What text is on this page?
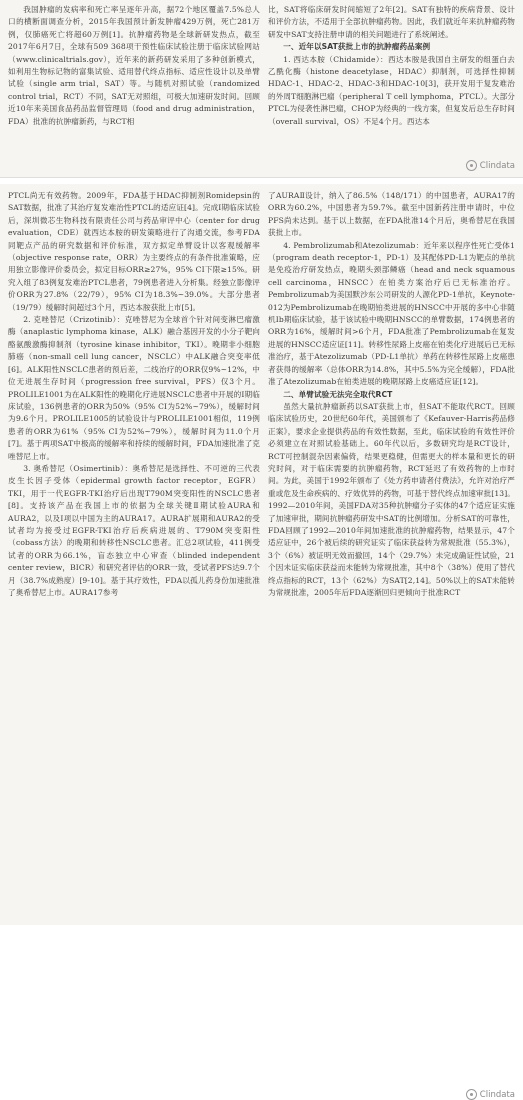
我国肿瘤的发病率和死亡率呈逐年升高，据72个地区覆盖7.5%总人口的横断面调查分析，2015年我国预计新发肿瘤429万例，死亡281万例，仅肺癌死亡将超60万例[1]。抗肿瘤药物是全球新研发热点，截至2017年6月7日，全球有509 368项干预性临床试验注册于临床试验网站（www.clinicaltrials.gov），近年来的新药研发采用了多种创新模式，如利用生物标记物的富集试验、适用替代终点指标、适应性设计以及单臂试验（single arm trial，SAT）等。与随机对照试验（randomized control trial，RCT）不同，SAT无对照组，可极大加速研发时间。回顾近10年来美国食品药品监督管理局（food and drug administration，FDA）批准的抗肿瘤新药，与RCT相

比，SAT将临床研发时间缩短了2年[2]。SAT有独特的疾病背景、设计和评价方法，不适用于全部抗肿瘤药物。因此，我们就近年来抗肿瘤药物研发中SAT支持注册申请的相关问题进行了系统阐述。

一、近年以SAT获批上市的抗肿瘤药品案例

1. 西达本胺（Chidamide）：西达本胺是我国自主研发的组蛋白去乙酰化酶（histone deacetylase，HDAC）抑制剂，可选择性抑制HDAC-1、HDAC-2、HDAC-3和HDAC-10[3]，获开发用于复发难治的外周T细胞淋巴瘤（peripheral T cell lymphoma，PTCL）。大部分PTCL为侵袭性淋巴瘤，CHOP为经典的一线方案，但复发后总生存时间（overall survival，OS）不足4个月。西达本

Clindata

PTCL尚无有效药物。2009年，FDA基于HDAC抑制剂Romidepsin的SAT数据，批准了其治疗复发难治性PTCL的适应证[4]。完成Ⅰ期临床试验后，深圳微芯生物科技有限责任公司与药品审评中心（center for drug evaluation，CDE）就西达本胺的研发策略进行了沟通交流，参考FDA同靶点产品的研究数据和评价标准，双方拟定单臂设计以客观缓解率（objective response rate，ORR）为主要终点的有条件批准策略，应用独立影像评价委员会，拟定目标ORR≥27%，95% CI下限≥15%。研究入组了83例复发难治PTCL患者，79例患者进入分析集。经独立影像评价ORR为27.8%（22/79），95% CI为18.3%~39.0%。大部分患者（19/79）缓解时间超过3个月，西达本胺获批上市[5]。

2. 克唑替尼（Crizotinib）：克唑替尼为全球首个针对间变淋巴瘤激酶（anaplastic lymphoma kinase，ALK）融合基因开发的小分子靶向酪氨酸激酶抑制剂（tyrosine kinase inhibitor，TKI）。晚期非小细胞肺癌（non-small cell lung cancer，NSCLC）中ALK融合突变率低[6]。ALK阳性NSCLC患者的预后差，二线治疗的ORR仅9%~12%，中位无进展生存时间（progression free survival，PFS）仅3个月。PROLILE1001为在ALK阳性的晚期化疗进展NSCLC患者中开展的Ⅰ期临床试验，136例患者的ORR为50%（95% CI为52%~79%），缓解时间为9.6个月。PROLILE1005的试验设计与PROLILE1001相似，119例患者的ORR为61%（95% CI为52%~79%），缓解时间为11.0个月[7]。基于两项SAT中极高的缓解率和持续的缓解时间，FDA加速批准了克唑替尼上市。

3. 奥希替尼（Osimertinib）：奥希替尼是选择性、不可逆的三代表皮生长因子受体（epidermal growth factor receptor，EGFR）TKI，用于一代EGFR-TKI治疗后出现T790M突变阳性的NSCLC患者[8]。支持该产品在我国上市的依据为全球关键Ⅱ期试验AURA和AURA2，以及Ⅰ项以中国为主的AURA17。AURA扩展期和AURA2的受试者均为接受过EGFR-TKI治疗后疾病进展的、T790M突变阳性（cobass方法）的晚期和转移性NSCLC患者。汇总2项试验，411例受试者的ORR为66.1%，盲态独立中心审查（blinded independent center review，BICR）和研究者评估的ORR一致，受试者PFS达9.7个月（38.7%成熟度）[9-10]。基于其疗效性，FDA以孤儿药身份加速批准了奥希替尼上市。AURA17参考

了AURAⅡ设计，纳入了86.5%（148/171）的中国患者，AURA17的ORR为60.2%，中国患者为59.7%。截至中国新药注册申请时，中位PFS尚未达到。基于以上数据，在FDA批准14个月后，奥希替尼在我国获批上市。

4. Pembrolizumab和Atezolizumab：近年来以程序性死亡受体1（program death receptor-1，PD-1）及其配体PD-L1为靶点的单抗是免疫治疗研发热点，晚期头颈部鳞癌（head and neck squamous cell carcinoma，HNSCC）在铂类方案治疗后已无标准治疗。Pembrolizumab为美国默沙东公司研发的人源化PD-1单抗，Keynote-012为Pembrolizumab在晚期铂类进展的HNSCC中开展的多中心非随机Ⅰb期临床试验，基于该试验中晚期HNSCC的单臂数据，174例患者的ORR为16%，缓解时间>6个月，FDA批准了Pembrolizumab在复发进展的HNSCC适应证[11]。转移性尿路上皮癌在铂类化疗进展后已无标准治疗，基于Atezolizumab（PD-L1单抗）单药在转移性尿路上皮癌患者获得的缓解率（总体ORR为14.8%，其中5.5%为完全缓解），FDA批准了Atezolizumab在铂类进展的晚期尿路上皮癌适应证[12]。

二、单臂试验无法完全取代RCT

虽然大量抗肿瘤新药以SAT获批上市，但SAT不能取代RCT。回顾临床试验历史，20世纪60年代，美国颁布了《Kefauver-Harris药品修正案》，要求企业提供药品的有效性数据，至此，临床试验的有效性评价必须建立在对照试验基础上。60年代以后，多数研究均是RCT设计，RCT可控制混杂因素偏倚，结果更稳健，但需更大的样本量和更长的研究时间，对于临床需要的抗肿瘤药物，RCT延迟了有效药物的上市时间。为此，美国于1992年颁布了《处方药申请者付费法》，允许对治疗严重或危及生命疾病的、疗效优异的药物，可基于替代终点加速审批[13]。1992—2010年间，美国FDA对35种抗肿瘤分子实体的47个适应证实施了加速审批，期间抗肿瘤药研发中SAT的比例增加。分析SAT的可靠性，FDA回顾了1992—2010年间加速批准的抗肿瘤药物，结果显示，47个适应证中，26个被后续的研究证实了临床获益转为常规批准（55.3%），3个（6%）被证明无效而撤回，14个（29.7%）未完成确证性试验，21个因未证实临床获益而未能转为常规批准，其中8个（38%）使用了替代终点指标的RCT，13个（62%）为SAT[2,14]。50%以上的SAT未能转为常规批准，2005年后FDA逐渐回归更倾向于批准RCT

Clindata
